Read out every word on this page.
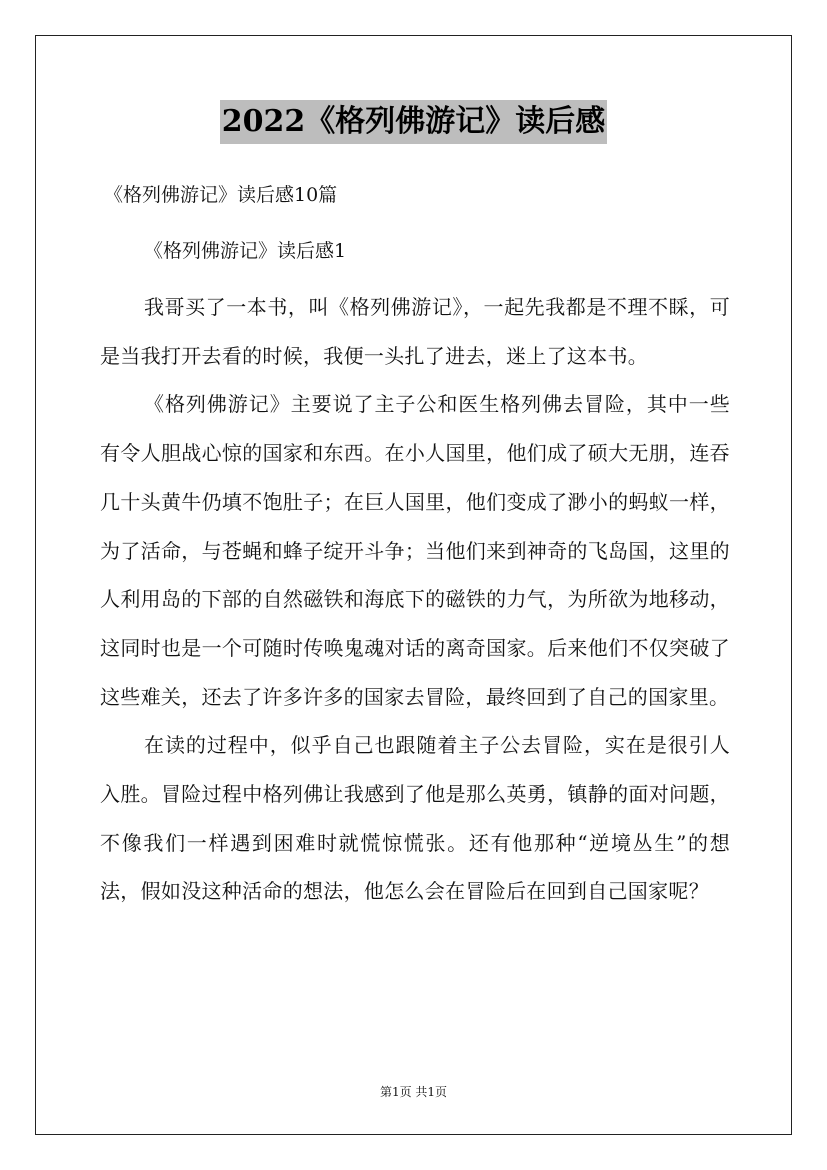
2022《格列佛游记》读后感
《格列佛游记》读后感10篇
《格列佛游记》读后感1

我哥买了一本书，叫《格列佛游记》，一起先我都是不理不睬，可是当我打开去看的时候，我便一头扎了进去，迷上了这本书。

《格列佛游记》主要说了主子公和医生格列佛去冒险，其中一些有令人胆战心惊的国家和东西。在小人国里，他们成了硕大无朋，连吞几十头黄牛仍填不饱肚子；在巨人国里，他们变成了渺小的蚂蚁一样，为了活命，与苍蝇和蜂子绽开斗争；当他们来到神奇的飞岛国，这里的人利用岛的下部的自然磁铁和海底下的磁铁的力气，为所欲为地移动，这同时也是一个可随时传唤鬼魂对话的离奇国家。后来他们不仅突破了这些难关，还去了许多许多的国家去冒险，最终回到了自己的国家里。

在读的过程中，似乎自己也跟随着主子公去冒险，实在是很引人入胜。冒险过程中格列佛让我感到了他是那么英勇，镇静的面对问题，不像我们一样遇到困难时就慌惊慌张。还有他那种“逆境丛生”的想法，假如没这种活命的想法，他怎么会在冒险后在回到自己国家呢？

第1页 共1页
